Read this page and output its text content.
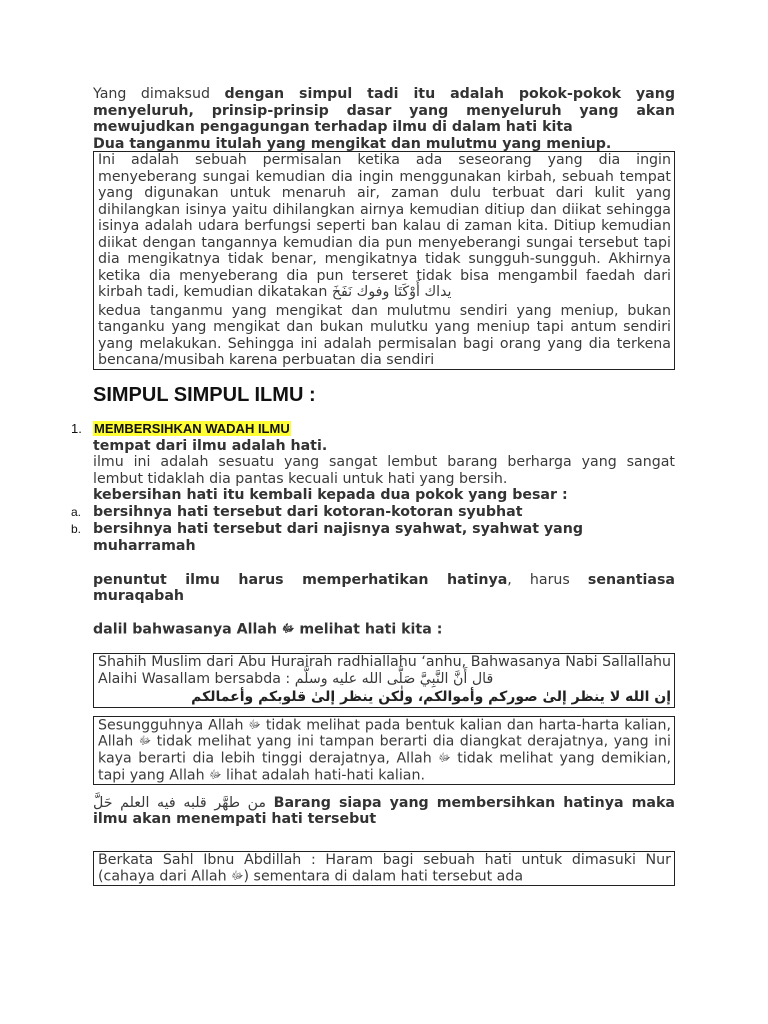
Yang dimaksud dengan simpul tadi itu adalah pokok-pokok yang menyeluruh, prinsip-prinsip dasar yang menyeluruh yang akan mewujudkan pengagungan terhadap ilmu di dalam hati kita
Dua tanganmu itulah yang mengikat dan mulutmu yang meniup.

Ini adalah sebuah permisalan ketika ada seseorang yang dia ingin menyeberang sungai kemudian dia ingin menggunakan kirbah, sebuah tempat yang digunakan untuk menaruh air, zaman dulu terbuat dari kulit yang dihilangkan isinya yaitu dihilangkan airnya kemudian ditiup dan diikat sehingga isinya adalah udara berfungsi seperti ban kalau di zaman kita. Ditiup kemudian diikat dengan tangannya kemudian dia pun menyeberangi sungai tersebut tapi dia mengikatnya tidak benar, mengikatnya tidak sungguh-sungguh. Akhirnya ketika dia menyeberang dia pun terseret tidak bisa mengambil faedah dari kirbah tadi, kemudian dikatakan يداك أَوْكَتَا وفوك نَفَخَ

kedua tanganmu yang mengikat dan mulutmu sendiri yang meniup, bukan tanganku yang mengikat dan bukan mulutku yang meniup tapi antum sendiri yang melakukan. Sehingga ini adalah permisalan bagi orang yang dia terkena bencana/musibah karena perbuatan dia sendiri

SIMPUL SIMPUL ILMU :
1. MEMBERSIHKAN WADAH ILMU

tempat dari ilmu adalah hati.

ilmu ini adalah sesuatu yang sangat lembut barang berharga yang sangat lembut tidaklah dia pantas kecuali untuk hati yang bersih.

kebersihan hati itu kembali kepada dua pokok yang besar :

a. bersihnya hati tersebut dari kotoran-kotoran syubhat
b. bersihnya hati tersebut dari najisnya syahwat, syahwat yang muharramah

penuntut ilmu harus memperhatikan hatinya, harus senantiasa muraqabah

dalil bahwasanya Allah ﷻ melihat hati kita :

Shahih Muslim dari Abu Hurairah radhiallahu ‘anhu, Bahwasanya Nabi Sallallahu Alaihi Wasallam bersabda : قال أَنَّ النَّبِيَّ صَلَّى الله عليه وسلَّم

إن الله لا ينظر إلىٰ صوركم وأموالكم، ولٰكن ينظر إلىٰ قلوبكم وأعمالكم

Sesungguhnya Allah ﷻ tidak melihat pada bentuk kalian dan harta-harta kalian, Allah ﷻ tidak melihat yang ini tampan berarti dia diangkat derajatnya, yang ini kaya berarti dia lebih tinggi derajatnya, Allah ﷻ tidak melihat yang demikian, tapi yang Allah ﷻ lihat adalah hati-hati kalian.

من طهَّر قلبه فيه العلم حَلَّ Barang siapa yang membersihkan hatinya maka ilmu akan menempati hati tersebut

Berkata Sahl Ibnu Abdillah : Haram bagi sebuah hati untuk dimasuki Nur (cahaya dari Allah ﷻ) sementara di dalam hati tersebut ada
